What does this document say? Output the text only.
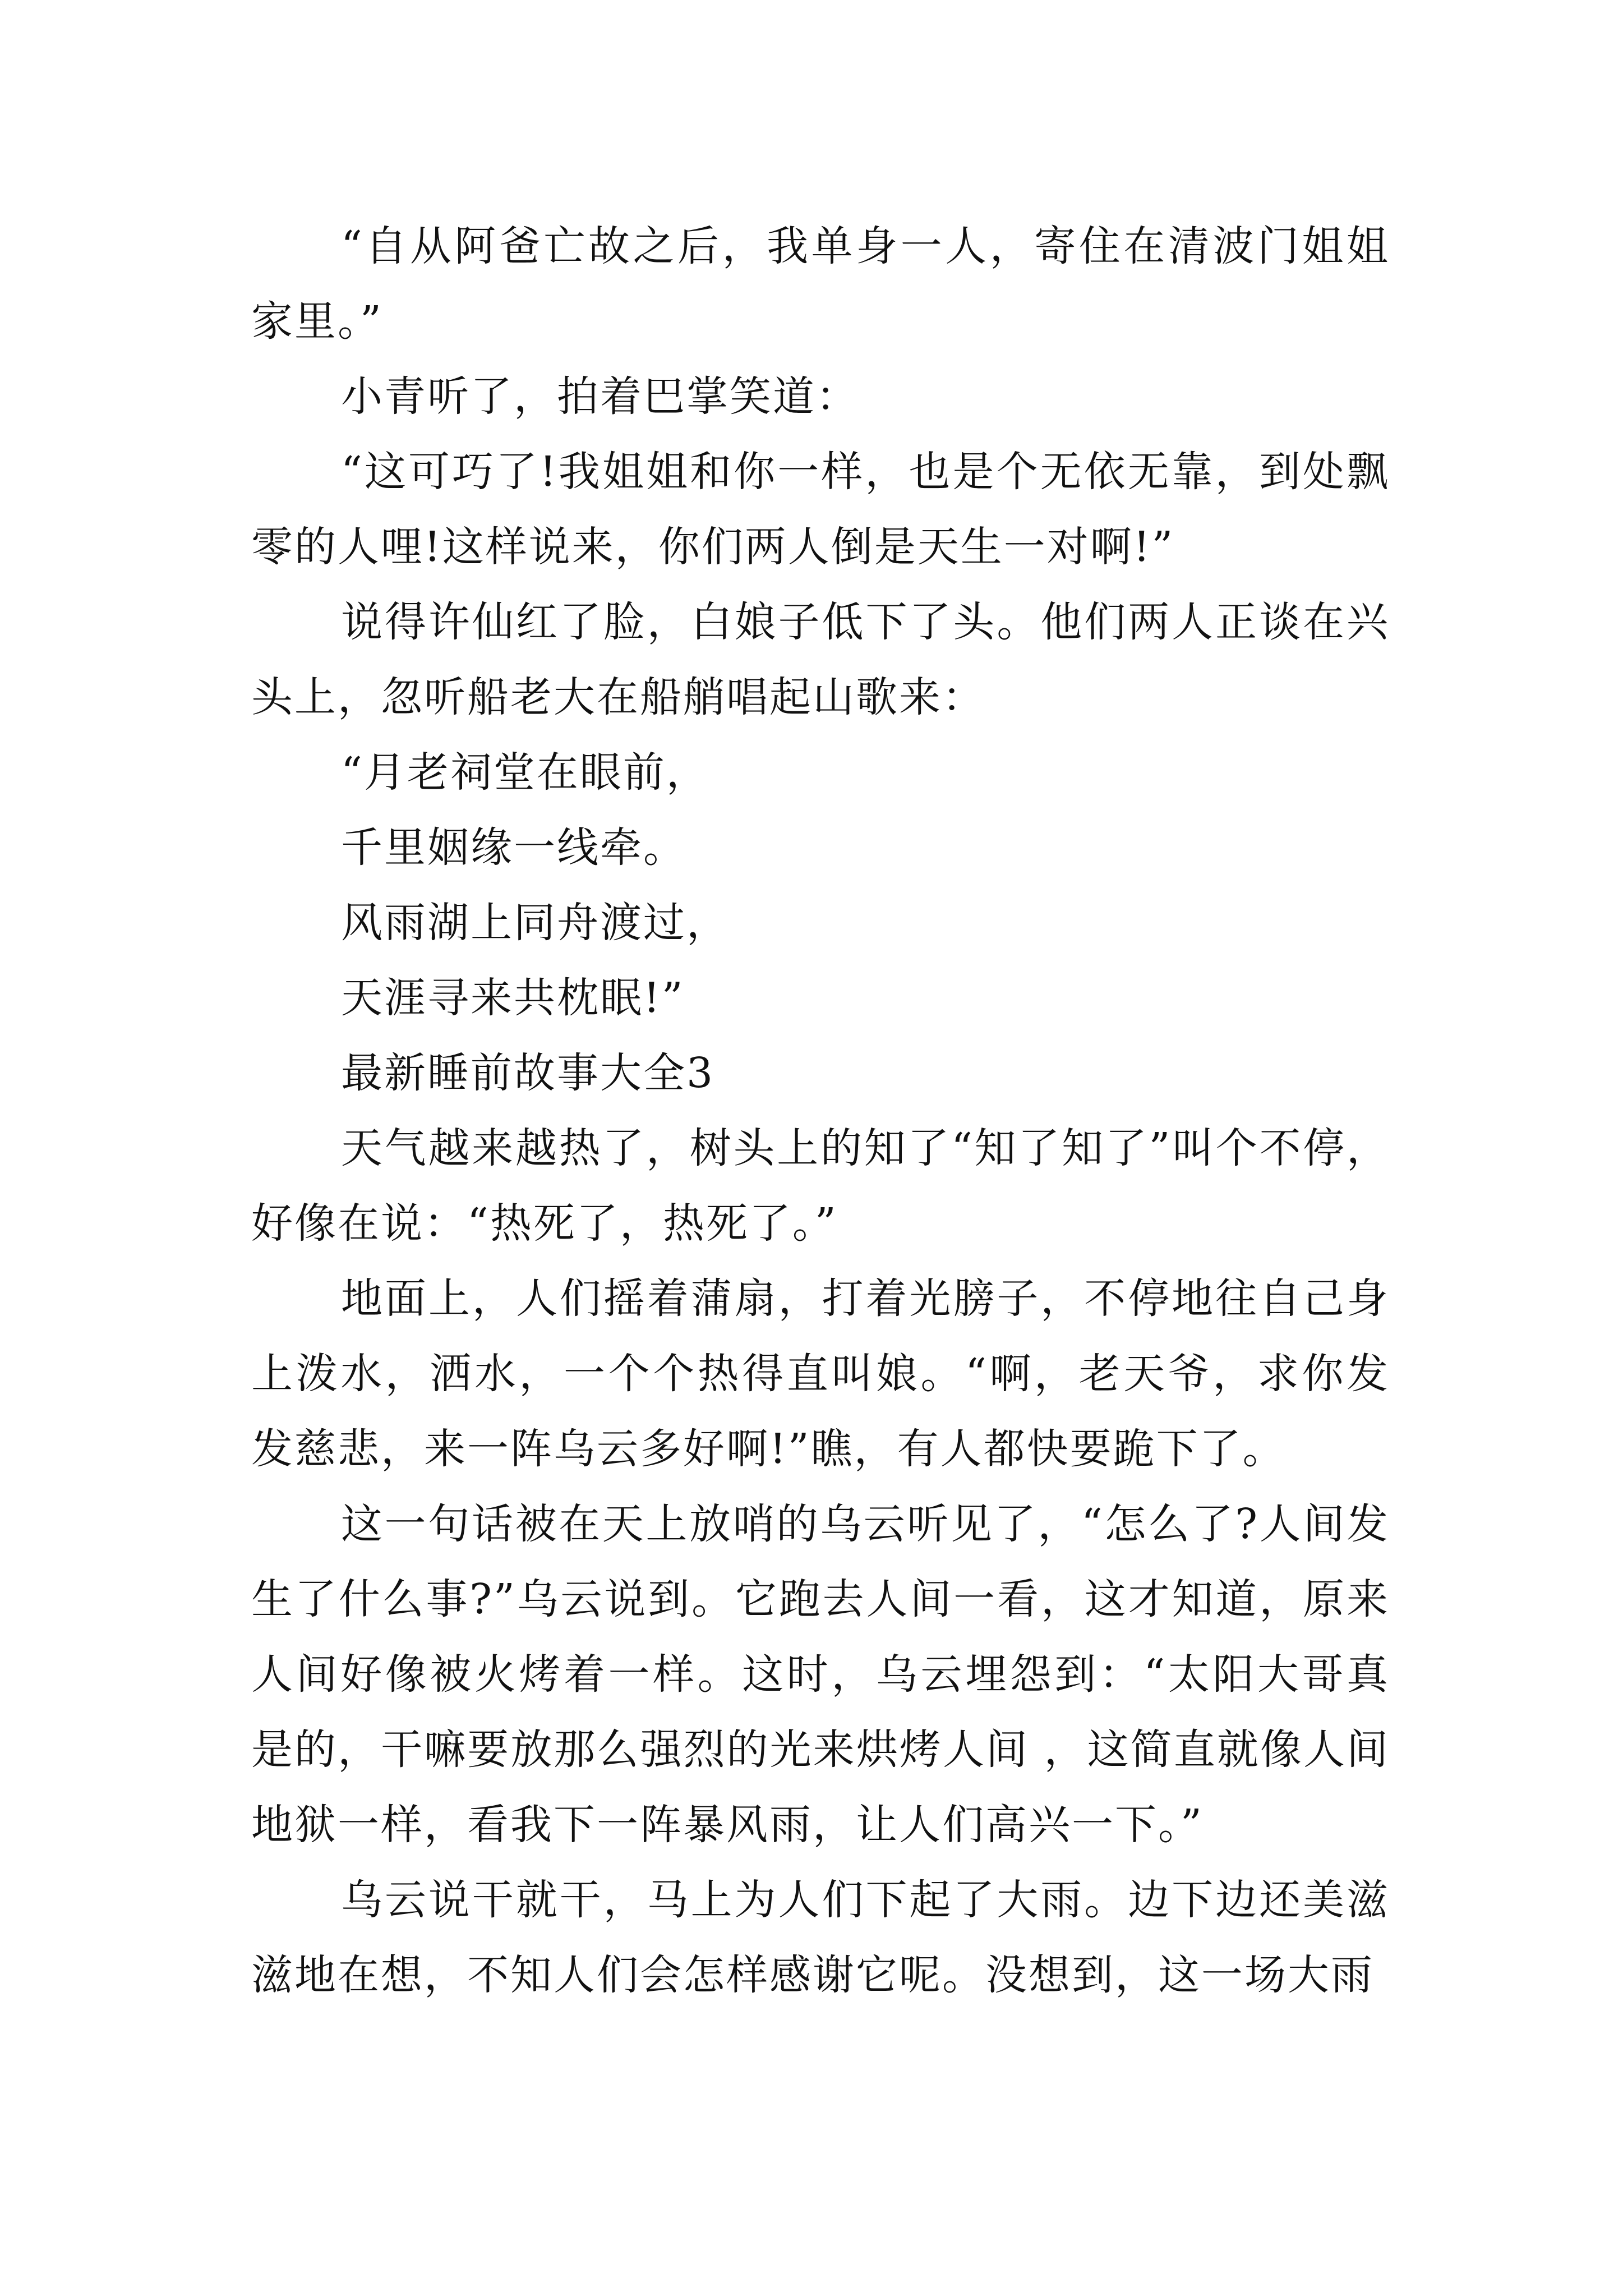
“自从阿爸亡故之后，我单身一人，寄住在清波门姐姐家里。”

小青听了，拍着巴掌笑道：

“这可巧了!我姐姐和你一样，也是个无依无靠，到处飘零的人哩!这样说来，你们两人倒是天生一对啊!”

说得许仙红了脸，白娘子低下了头。他们两人正谈在兴头上，忽听船老大在船艄唱起山歌来：

“月老祠堂在眼前，

千里姻缘一线牵。

风雨湖上同舟渡过，

天涯寻来共枕眠!”

最新睡前故事大全3

天气越来越热了，树头上的知了“知了知了”叫个不停，好像在说：“热死了，热死了。”

地面上，人们摇着蒲扇，打着光膀子，不停地往自己身上泼水，洒水，一个个热得直叫娘。“啊，老天爷，求你发发慈悲，来一阵乌云多好啊!”瞧，有人都快要跪下了。

这一句话被在天上放哨的乌云听见了，“怎么了?人间发生了什么事?”乌云说到。它跑去人间一看，这才知道，原来人间好像被火烤着一样。这时，乌云埋怨到：“太阳大哥真是的，干嘛要放那么强烈的光来烘烤人间 ，这简直就像人间地狱一样，看我下一阵暴风雨，让人们高兴一下。”

乌云说干就干，马上为人们下起了大雨。边下边还美滋滋地在想，不知人们会怎样感谢它呢。没想到，这一场大雨
